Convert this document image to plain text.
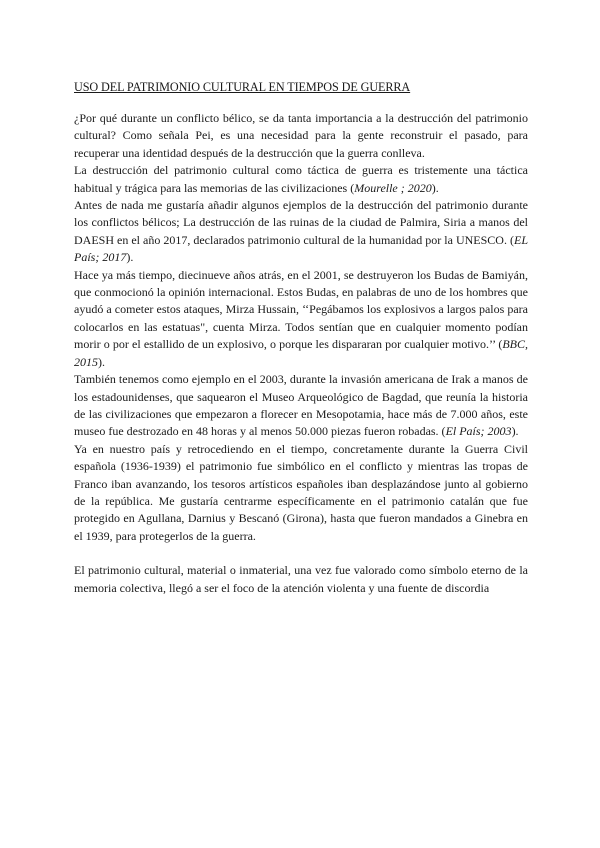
USO DEL PATRIMONIO CULTURAL EN TIEMPOS DE GUERRA

¿Por qué durante un conflicto bélico, se da tanta importancia a la destrucción del patrimonio cultural? Como señala Pei, es una necesidad para la gente reconstruir el pasado, para recuperar una identidad después de la destrucción que la guerra conlleva.

La destrucción del patrimonio cultural como táctica de guerra es tristemente una táctica habitual y trágica para las memorias de las civilizaciones (Mourelle ; 2020).

Antes de nada me gustaría añadir algunos ejemplos de la destrucción del patrimonio durante los conflictos bélicos; La destrucción de las ruinas de la ciudad de Palmira, Siria a manos del DAESH en el año 2017, declarados patrimonio cultural de la humanidad por la UNESCO. (EL País; 2017).

Hace ya más tiempo, diecinueve años atrás, en el 2001, se destruyeron los Budas de Bamiyán, que conmocionó la opinión internacional. Estos Budas, en palabras de uno de los hombres que ayudó a cometer estos ataques, Mirza Hussain, ‘‘Pegábamos los explosivos a largos palos para colocarlos en las estatuas", cuenta Mirza. Todos sentían que en cualquier momento podían morir o por el estallido de un explosivo, o porque les dispararan por cualquier motivo.’’ (BBC, 2015).

También tenemos como ejemplo en el 2003, durante la invasión americana de Irak a manos de los estadounidenses, que saquearon el Museo Arqueológico de Bagdad, que reunía la historia de las civilizaciones que empezaron a florecer en Mesopotamia, hace más de 7.000 años, este museo fue destrozado en 48 horas y al menos 50.000 piezas fueron robadas. (El País; 2003).

Ya en nuestro país y retrocediendo en el tiempo, concretamente durante la Guerra Civil española (1936-1939) el patrimonio fue simbólico en el conflicto y mientras las tropas de Franco iban avanzando, los tesoros artísticos españoles iban desplazándose junto al gobierno de la república. Me gustaría centrarme específicamente en el patrimonio catalán que fue protegido en Agullana, Darnius y Bescanó (Girona), hasta que fueron mandados a Ginebra en el 1939, para protegerlos de la guerra.

El patrimonio cultural, material o inmaterial, una vez fue valorado como símbolo eterno de la memoria colectiva, llegó a ser el foco de la atención violenta y una fuente de discordia
